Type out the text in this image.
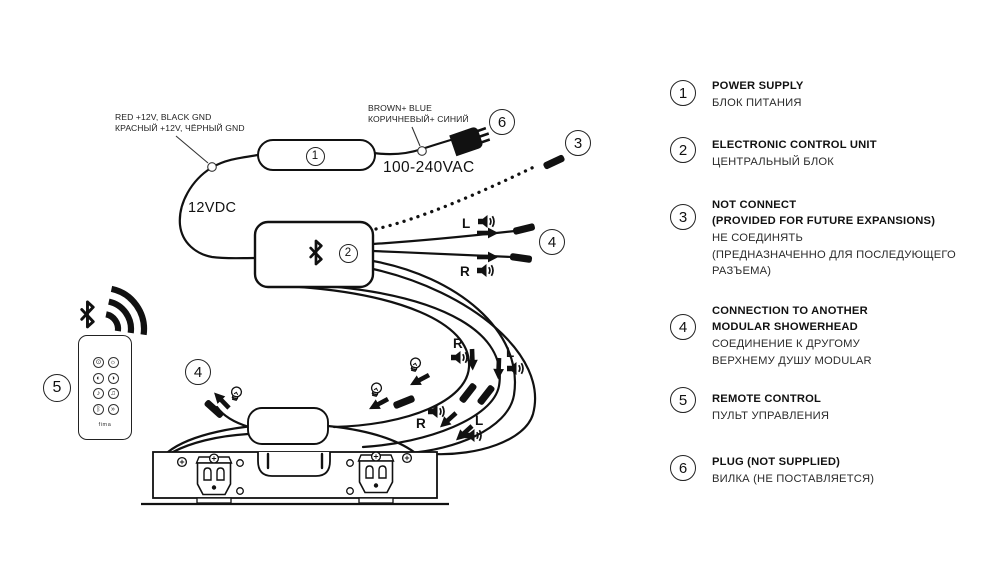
L
R
R
L
R	L
RED +12V, BLACK GND
КРАСНЫЙ +12V, ЧЁРНЫЙ GND
BROWN+ BLUE
КОРИЧНЕВЫЙ+ СИНИЙ
100-240VAC
12VDC
1
2
3
4
4
5
6
⊙	☼
◐	◑
♪	♫
ᛒ	»
fima
1	POWER SUPPLY
БЛОК ПИТАНИЯ
2	ELECTRONIC CONTROL UNIT
ЦЕНТРАЛЬНЫЙ БЛОК
3
NOT CONNECT
(PROVIDED FOR FUTURE EXPANSIONS)
НЕ СОЕДИНЯТЬ
(ПРЕДНАЗНАЧЕННО ДЛЯ ПОСЛЕДУЮЩЕГО
РАЗЪЕМА)
4
CONNECTION TO ANOTHER
MODULAR SHOWERHEAD
СОЕДИНЕНИЕ К ДРУГОМУ
ВЕРХНЕМУ ДУШУ MODULAR
5	REMOTE CONTROL
ПУЛЬТ УПРАВЛЕНИЯ
6	PLUG (NOT SUPPLIED)
ВИЛКА (НЕ ПОСТАВЛЯЕТСЯ)
